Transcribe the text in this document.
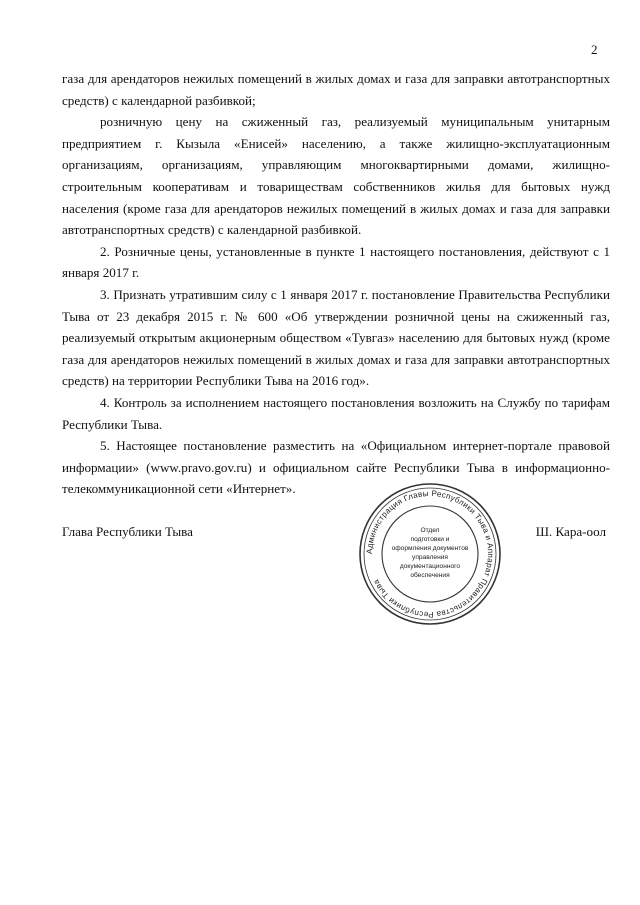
2

газа для арендаторов нежилых помещений в жилых домах и газа для заправки автотранспортных средств) с календарной разбивкой;

розничную цену на сжиженный газ, реализуемый муниципальным унитарным предприятием г. Кызыла «Енисей» населению, а также жилищно-эксплуатационным организациям, организациям, управляющим многоквартирными домами, жилищно-строительным кооперативам и товариществам собственников жилья для бытовых нужд населения (кроме газа для арендаторов нежилых помещений в жилых домах и газа для заправки автотранспортных средств) с календарной разбивкой.

2. Розничные цены, установленные в пункте 1 настоящего постановления, действуют с 1 января 2017 г.

3. Признать утратившим силу с 1 января 2017 г. постановление Правительства Республики Тыва от 23 декабря 2015 г. № 600 «Об утверждении розничной цены на сжиженный газ, реализуемый открытым акционерным обществом «Тувгаз» населению для бытовых нужд (кроме газа для арендаторов нежилых помещений в жилых домах и газа для заправки автотранспортных средств) на территории Республики Тыва на 2016 год».

4. Контроль за исполнением настоящего постановления возложить на Службу по тарифам Республики Тыва.

5. Настоящее постановление разместить на «Официальном интернет-портале правовой информации» (www.pravo.gov.ru) и официальном сайте Республики Тыва в информационно-телекоммуникационной сети «Интернет».

Глава Республики Тыва	Ш. Кара-оол
Администрация Главы Республики Тыва и Аппарат Правительства Республики Тыва
Отдел
подготовки и
оформления документов
управления
документационного
обеспечения
